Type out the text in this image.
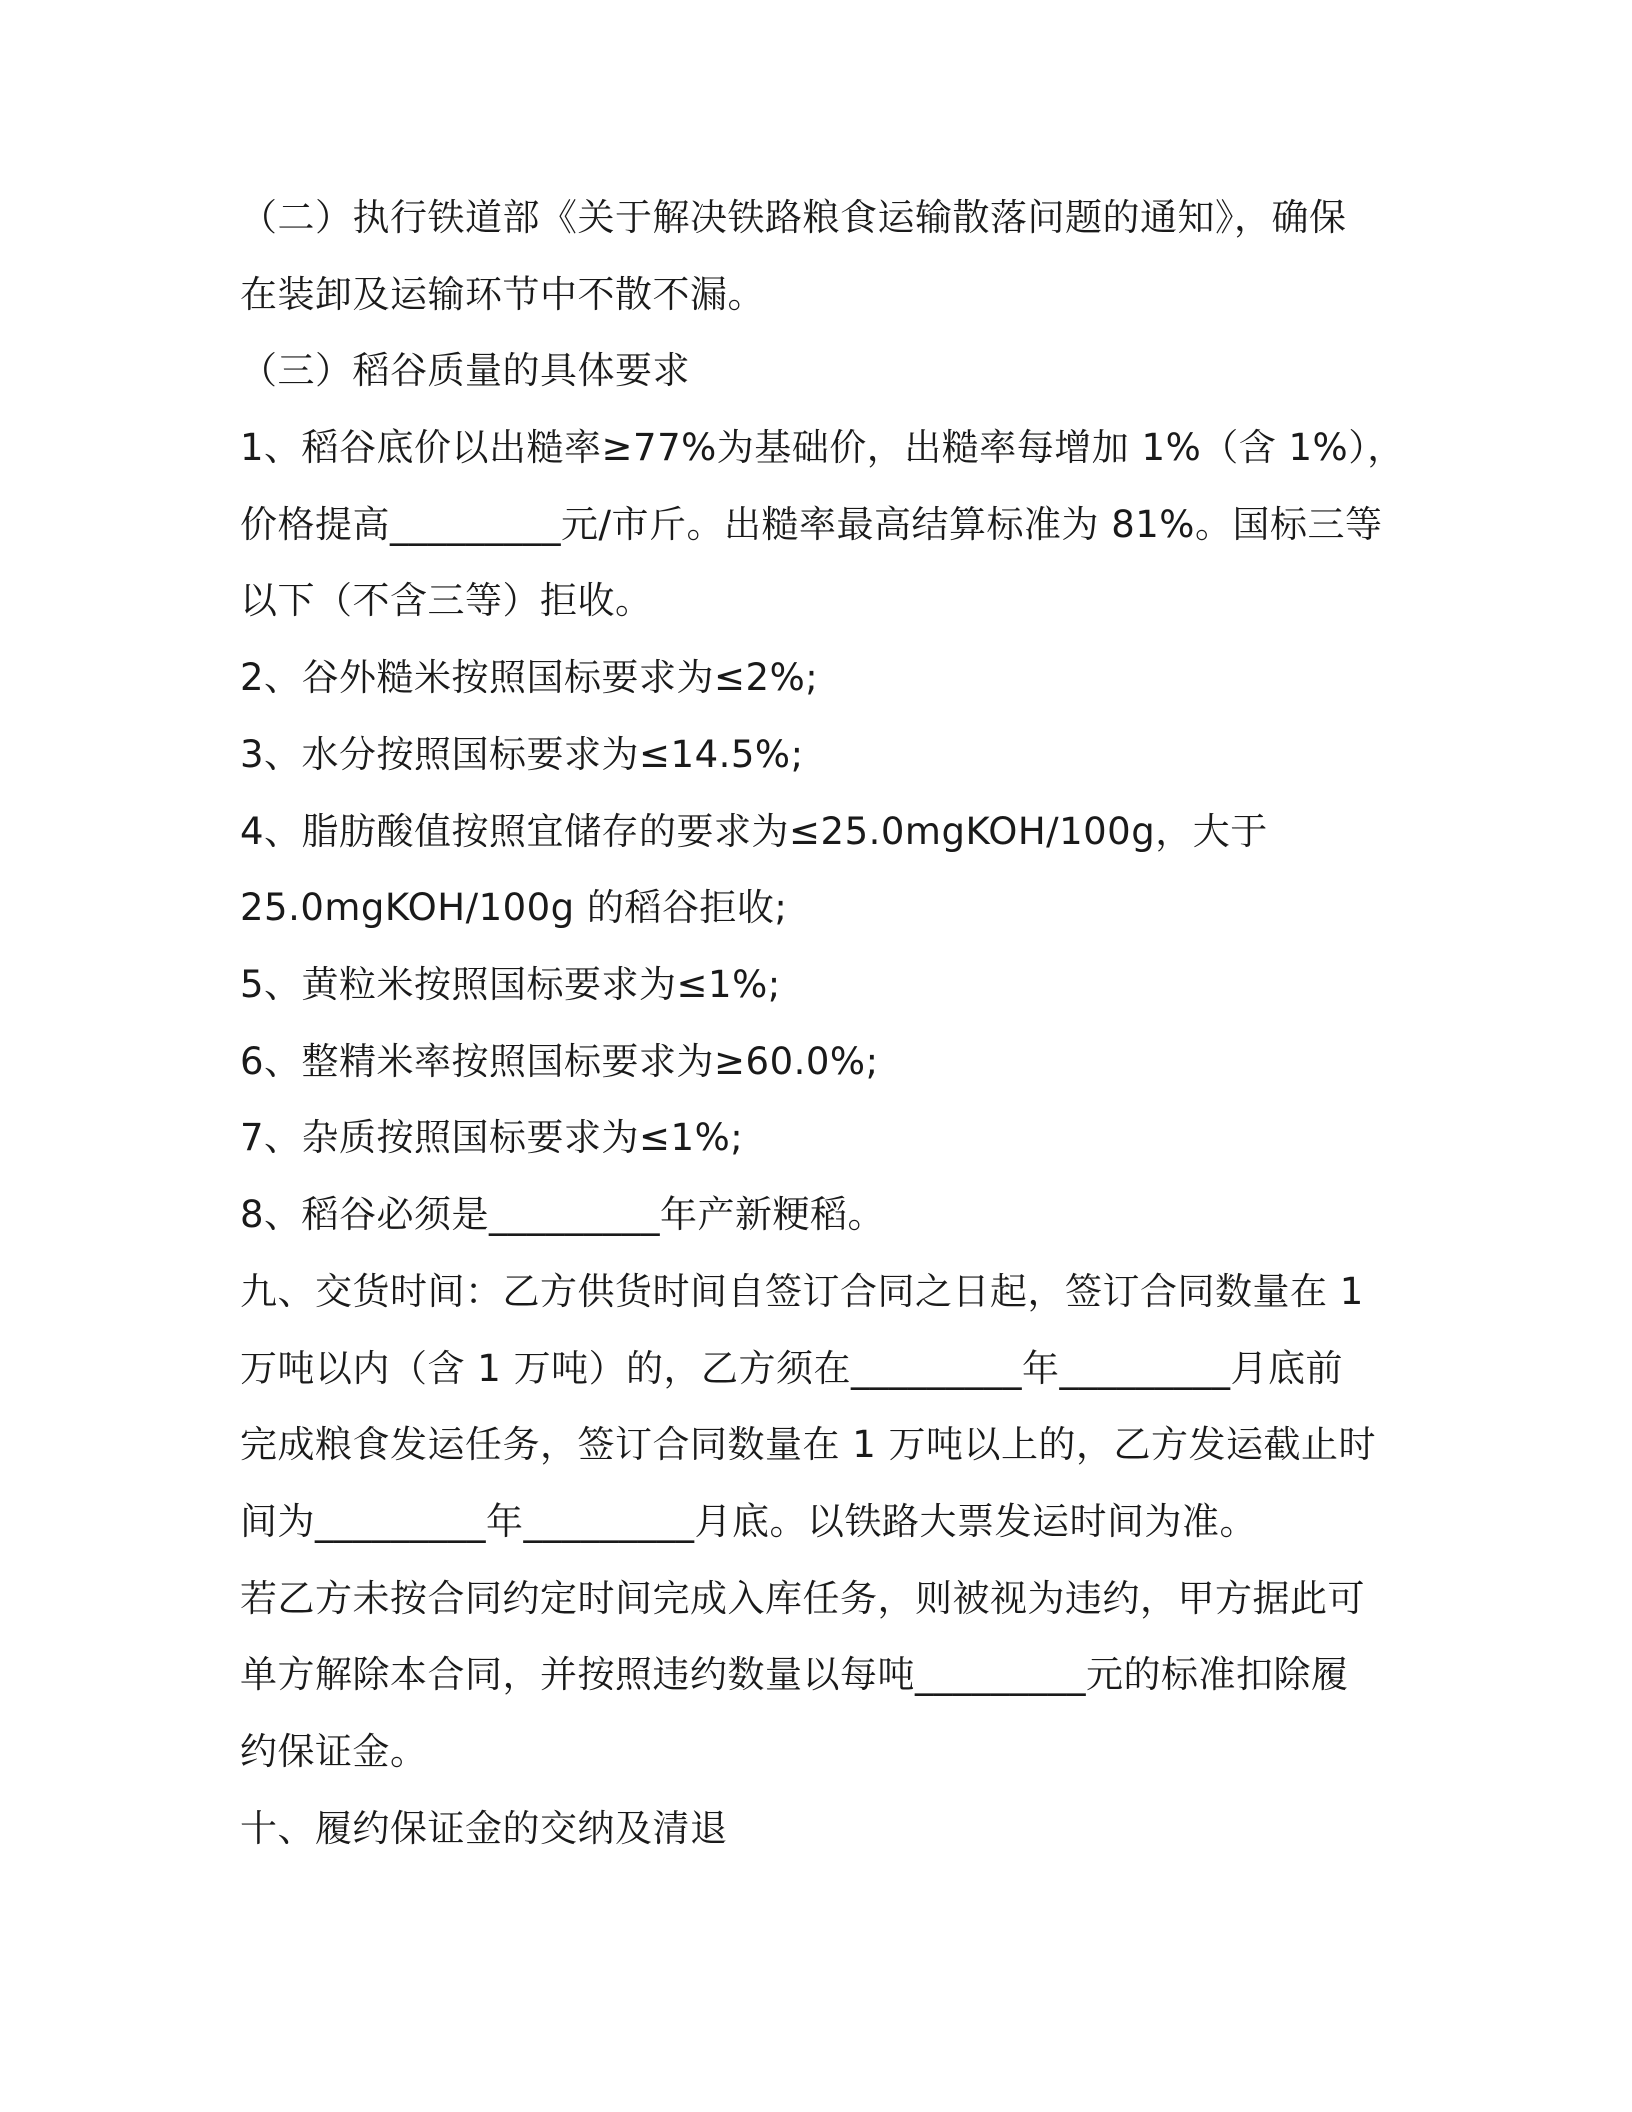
（二）执行铁道部《关于解决铁路粮食运输散落问题的通知》，确保
在装卸及运输环节中不散不漏。
（三）稻谷质量的具体要求
1、稻谷底价以出糙率≥77%为基础价，出糙率每增加 1%（含 1%），
价格提高_________元/市斤。出糙率最高结算标准为 81%。国标三等
以下（不含三等）拒收。
2、谷外糙米按照国标要求为≤2%;
3、水分按照国标要求为≤14.5%;
4、脂肪酸值按照宜储存的要求为≤25.0mgKOH/100g，大于
25.0mgKOH/100g 的稻谷拒收;
5、黄粒米按照国标要求为≤1%;
6、整精米率按照国标要求为≥60.0%;
7、杂质按照国标要求为≤1%;
8、稻谷必须是_________年产新粳稻。
九、交货时间：乙方供货时间自签订合同之日起，签订合同数量在 1
万吨以内（含 1 万吨）的，乙方须在_________年_________月底前
完成粮食发运任务，签订合同数量在 1 万吨以上的，乙方发运截止时
间为_________年_________月底。以铁路大票发运时间为准。
若乙方未按合同约定时间完成入库任务，则被视为违约，甲方据此可
单方解除本合同，并按照违约数量以每吨_________元的标准扣除履
约保证金。
十、履约保证金的交纳及清退
